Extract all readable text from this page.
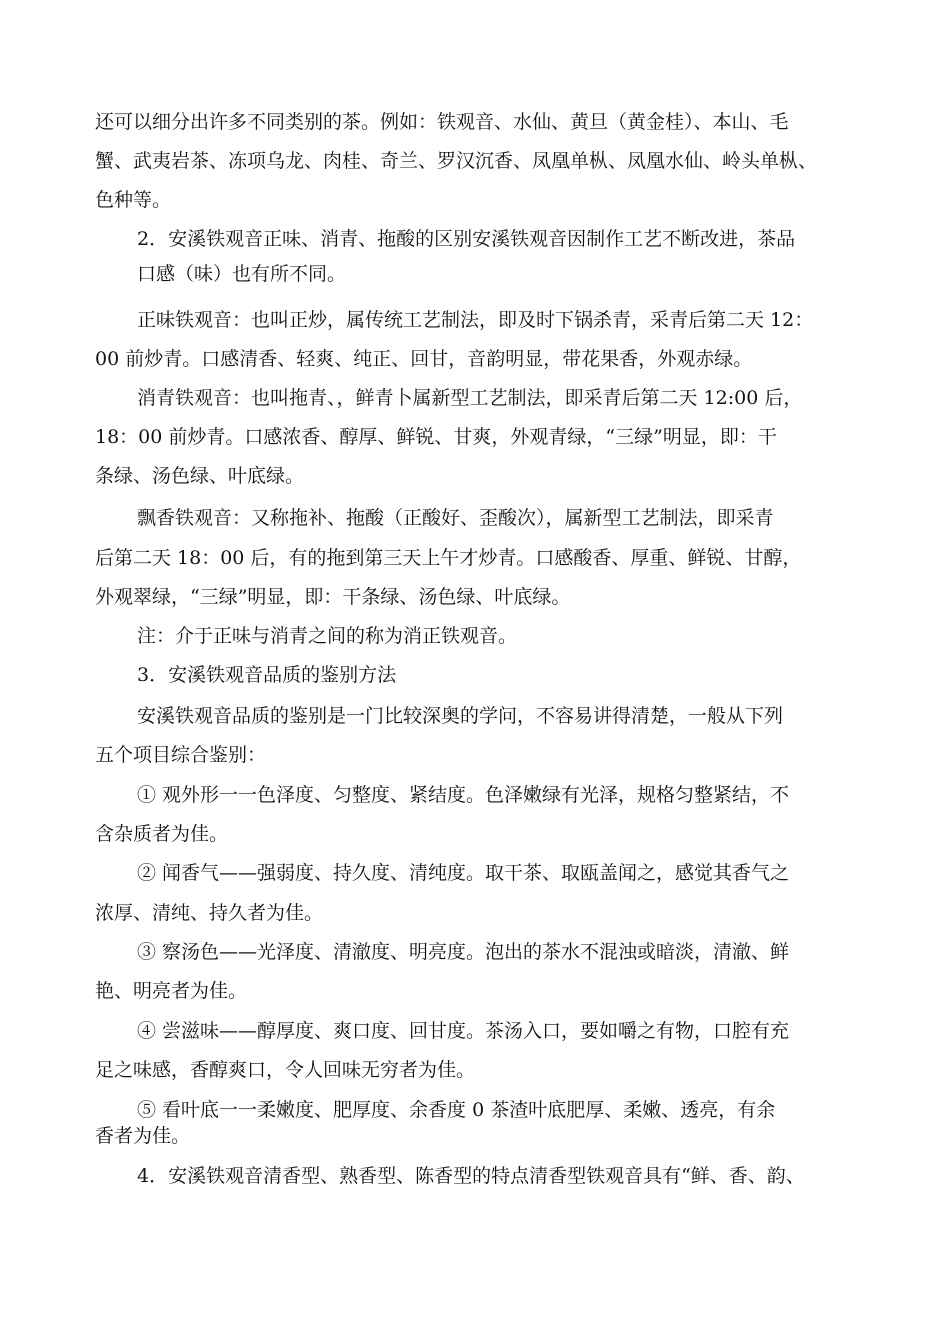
还可以细分出许多不同类别的茶。例如：铁观音、水仙、黄旦（黄金桂）、本山、毛
蟹、武夷岩茶、冻项乌龙、肉桂、奇兰、罗汉沉香、凤凰单枞、凤凰水仙、岭头单枞、
色种等。
2．安溪铁观音正味、消青、拖酸的区别安溪铁观音因制作工艺不断改进，茶品
口感（味）也有所不同。
正味铁观音：也叫正炒，属传统工艺制法，即及时下锅杀青，采青后第二天 12：
00 前炒青。口感清香、轻爽、纯正、回甘，音韵明显，带花果香，外观赤绿。
消青铁观音：也叫拖青、，鲜青卜属新型工艺制法，即采青后第二天 12:00 后，
18：00 前炒青。口感浓香、醇厚、鲜锐、甘爽，外观青绿，“三绿”明显，即：干
条绿、汤色绿、叶底绿。
飘香铁观音：又称拖补、拖酸（正酸好、歪酸次），属新型工艺制法，即采青
后第二天 18：00 后，有的拖到第三天上午才炒青。口感酸香、厚重、鲜锐、甘醇，
外观翠绿，“三绿”明显，即：干条绿、汤色绿、叶底绿。
注：介于正味与消青之间的称为消正铁观音。
3．安溪铁观音品质的鉴别方法
安溪铁观音品质的鉴别是一门比较深奥的学问，不容易讲得清楚，一般从下列
五个项目综合鉴别：
① 观外形一一色泽度、匀整度、紧结度。色泽嫩绿有光泽，规格匀整紧结，不
含杂质者为佳。
② 闻香气——强弱度、持久度、清纯度。取干茶、取瓯盖闻之，感觉其香气之
浓厚、清纯、持久者为佳。
③ 察汤色——光泽度、清澈度、明亮度。泡出的茶水不混浊或暗淡，清澈、鲜
艳、明亮者为佳。
④ 尝滋味——醇厚度、爽口度、回甘度。茶汤入口，要如嚼之有物，口腔有充
足之味感，香醇爽口，令人回味无穷者为佳。
⑤ 看叶底一一柔嫩度、肥厚度、余香度 0 茶渣叶底肥厚、柔嫩、透亮，有余
香者为佳。
4．安溪铁观音清香型、熟香型、陈香型的特点清香型铁观音具有“鲜、香、韵、
